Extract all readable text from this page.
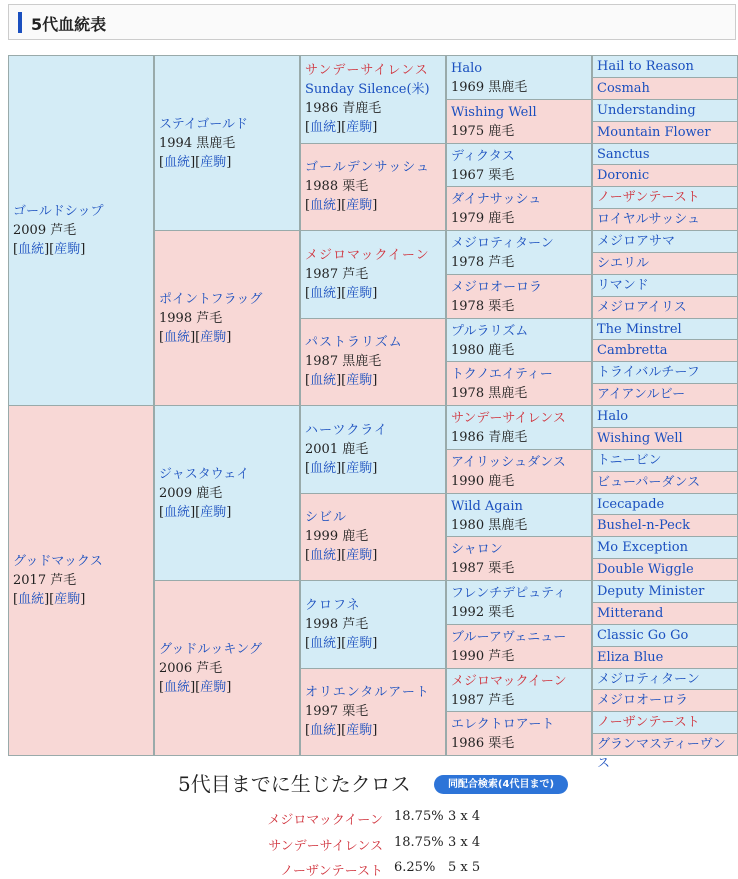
5代血統表
ゴールドシップ
2009 芦毛
[血統][産駒]
グッドマックス
2017 芦毛
[血統][産駒]
ステイゴールド
1994 黒鹿毛
[血統][産駒]
ポイントフラッグ
1998 芦毛
[血統][産駒]
ジャスタウェイ
2009 鹿毛
[血統][産駒]
グッドルッキング
2006 芦毛
[血統][産駒]
サンデーサイレンス
Sunday Silence(米)
1986 青鹿毛
[血統][産駒]
ゴールデンサッシュ
1988 栗毛
[血統][産駒]
メジロマックイーン
1987 芦毛
[血統][産駒]
パストラリズム
1987 黒鹿毛
[血統][産駒]
ハーツクライ
2001 鹿毛
[血統][産駒]
シビル
1999 鹿毛
[血統][産駒]
クロフネ
1998 芦毛
[血統][産駒]
オリエンタルアート
1997 栗毛
[血統][産駒]
Halo
1969 黒鹿毛
Wishing Well
1975 鹿毛
ディクタス
1967 栗毛
ダイナサッシュ
1979 鹿毛
メジロティターン
1978 芦毛
メジロオーロラ
1978 栗毛
プルラリズム
1980 鹿毛
トクノエイティー
1978 黒鹿毛
サンデーサイレンス
1986 青鹿毛
アイリッシュダンス
1990 鹿毛
Wild Again
1980 黒鹿毛
シャロン
1987 栗毛
フレンチデピュティ
1992 栗毛
ブルーアヴェニュー
1990 芦毛
メジロマックイーン
1987 芦毛
エレクトロアート
1986 栗毛
Hail to Reason
Cosmah
Understanding
Mountain Flower
Sanctus
Doronic
ノーザンテースト
ロイヤルサッシュ
メジロアサマ
シエリル
リマンド
メジロアイリス
The Minstrel
Cambretta
トライバルチーフ
アイアンルビー
Halo
Wishing Well
トニービン
ビューパーダンス
Icecapade
Bushel-n-Peck
Mo Exception
Double Wiggle
Deputy Minister
Mitterand
Classic Go Go
Eliza Blue
メジロティターン
メジロオーロラ
ノーザンテースト
グランマスティーヴンス
5代目までに生じたクロス	同配合検索(4代目まで)
メジロマックイーン 18.75% 3 x 4
サンデーサイレンス 18.75% 3 x 4
ノーザンテースト 6.25% 5 x 5
